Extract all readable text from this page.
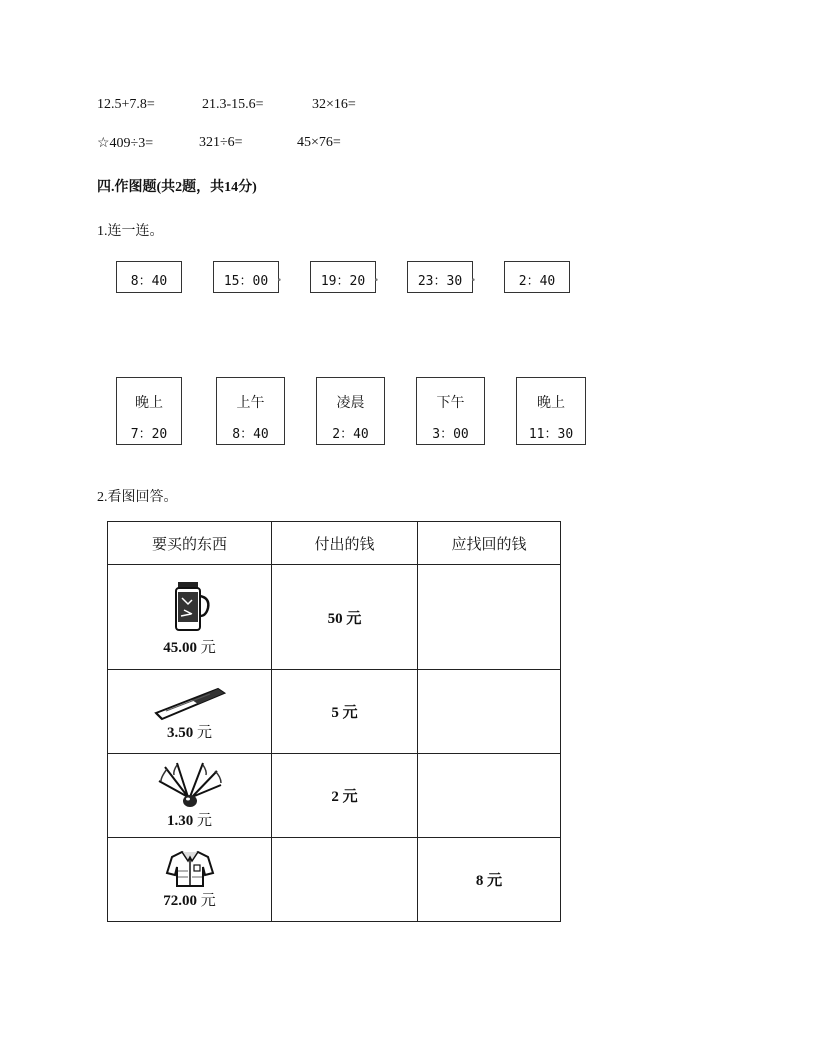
12.5+7.8=	21.3-15.6=	32×16=
☆409÷3=	321÷6=	45×76=
四.作图题(共2题，共14分)
1.连一连。
8：40	15：00 •	19：20 •	23：30 •	2：40
晚上
7：20
上午
8：40
凌晨
2：40
下午
3：00
晚上
11：30
2.看图回答。
要买的东西	付出的钱	应找回的钱

45.00 元	50 元	

3.50 元	5 元	

1.30 元	2 元	

72.00 元		8 元
